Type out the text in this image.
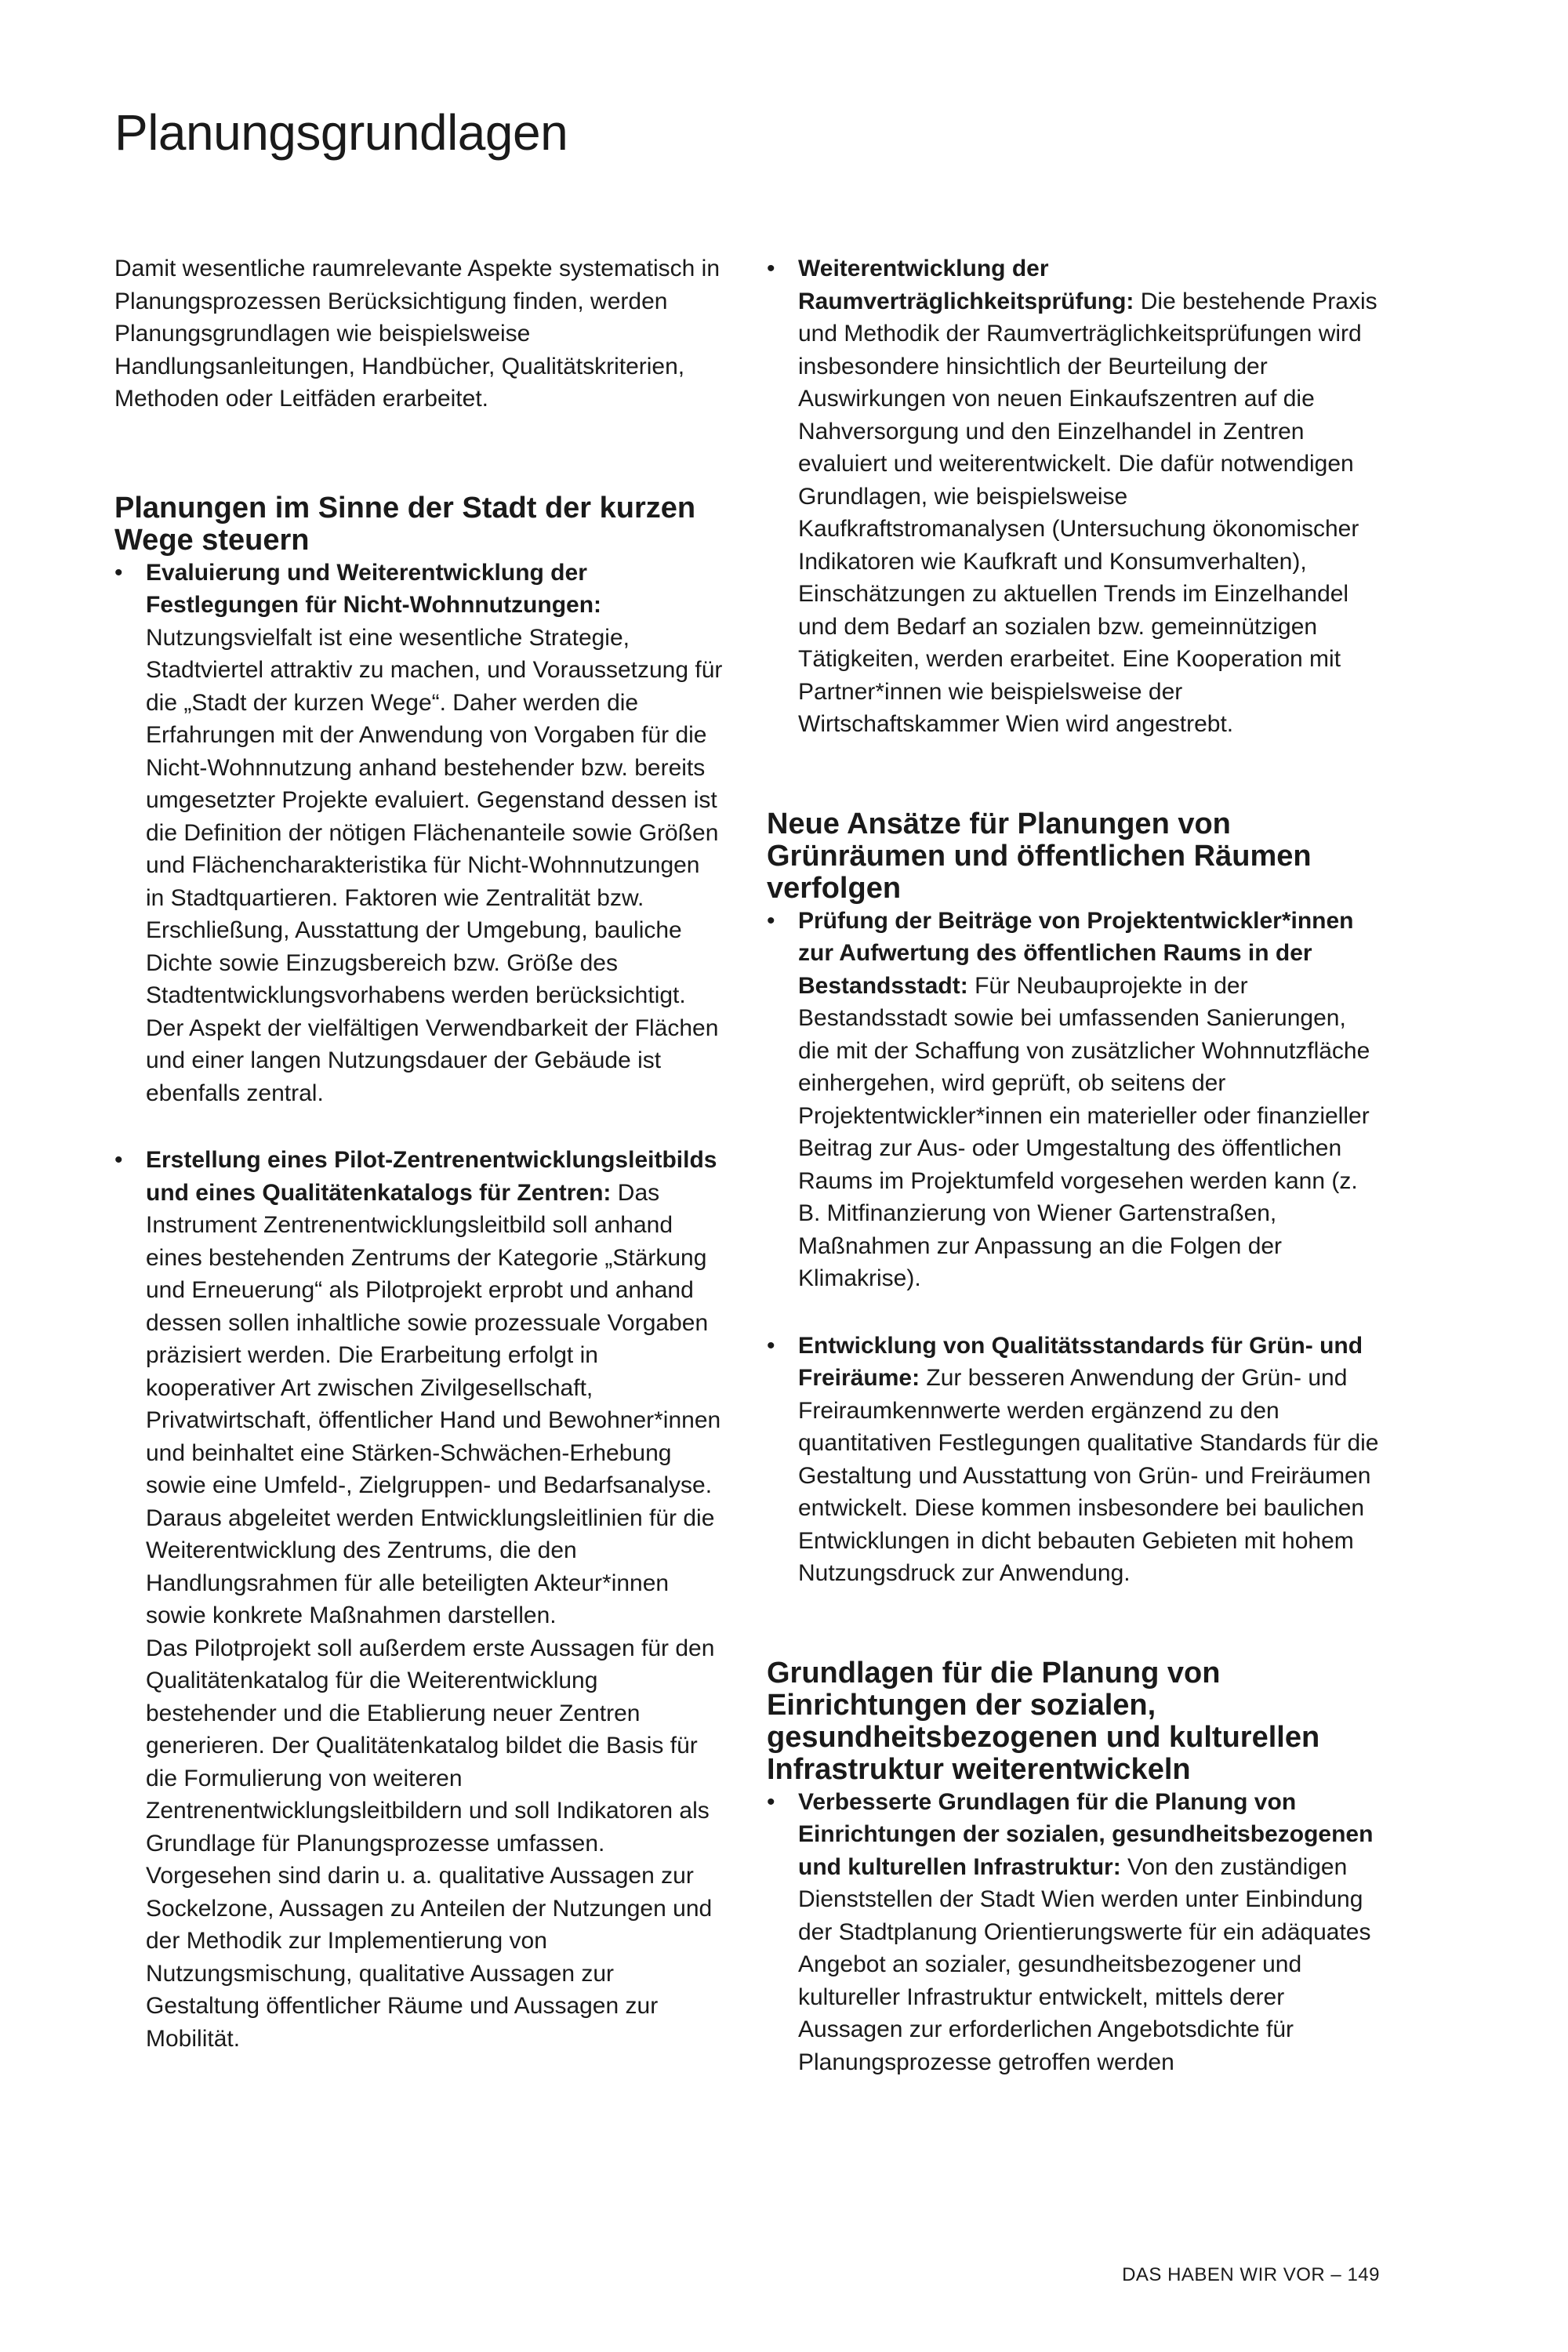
Planungsgrundlagen

Damit wesentliche raumrelevante Aspekte systematisch in Planungsprozessen Berücksichtigung finden, werden Planungsgrundlagen wie beispielsweise Handlungsanleitungen, Handbücher, Qualitätskriterien, Methoden oder Leitfäden erarbeitet.

Planungen im Sinne der Stadt der kurzen Wege steuern

• Evaluierung und Weiterentwicklung der Festlegungen für Nicht-Wohnnutzungen: Nutzungsvielfalt ist eine wesentliche Strategie, Stadtviertel attraktiv zu machen, und Voraussetzung für die „Stadt der kurzen Wege“. Daher werden die Erfahrungen mit der Anwendung von Vorgaben für die Nicht-Wohnnutzung anhand bestehender bzw. bereits umgesetzter Projekte evaluiert. Gegenstand dessen ist die Definition der nötigen Flächenanteile sowie Größen und Flächencharakteristika für Nicht-Wohnnutzungen in Stadtquartieren. Faktoren wie Zentralität bzw. Erschließung, Ausstattung der Umgebung, bauliche Dichte sowie Einzugsbereich bzw. Größe des Stadtentwicklungsvorhabens werden berücksichtigt. Der Aspekt der vielfältigen Verwendbarkeit der Flächen und einer langen Nutzungsdauer der Gebäude ist ebenfalls zentral.

• Erstellung eines Pilot-Zentrenentwicklungsleitbilds und eines Qualitätenkatalogs für Zentren: Das Instrument Zentrenentwicklungsleitbild soll anhand eines bestehenden Zentrums der Kategorie „Stärkung und Erneuerung“ als Pilotprojekt erprobt und anhand dessen sollen inhaltliche sowie prozessuale Vorgaben präzisiert werden. Die Erarbeitung erfolgt in kooperativer Art zwischen Zivilgesellschaft, Privatwirtschaft, öffentlicher Hand und Bewohner*innen und beinhaltet eine Stärken-Schwächen-Erhebung sowie eine Umfeld-, Zielgruppen- und Bedarfsanalyse. Daraus abgeleitet werden Entwicklungsleitlinien für die Weiterentwicklung des Zentrums, die den Handlungsrahmen für alle beteiligten Akteur*innen sowie konkrete Maßnahmen darstellen.
Das Pilotprojekt soll außerdem erste Aussagen für den Qualitätenkatalog für die Weiterentwicklung bestehender und die Etablierung neuer Zentren generieren. Der Qualitätenkatalog bildet die Basis für die Formulierung von weiteren Zentrenentwicklungsleitbildern und soll Indikatoren als Grundlage für Planungsprozesse umfassen. Vorgesehen sind darin u. a. qualitative Aussagen zur Sockelzone, Aussagen zu Anteilen der Nutzungen und der Methodik zur Implementierung von Nutzungsmischung, qualitative Aussagen zur Gestaltung öffentlicher Räume und Aussagen zur Mobilität.

• Weiterentwicklung der Raumverträglichkeitsprüfung: Die bestehende Praxis und Methodik der Raumverträglichkeitsprüfungen wird insbesondere hinsichtlich der Beurteilung der Auswirkungen von neuen Einkaufszentren auf die Nahversorgung und den Einzelhandel in Zentren evaluiert und weiterentwickelt. Die dafür notwendigen Grundlagen, wie beispielsweise Kaufkraftstromanalysen (Untersuchung ökonomischer Indikatoren wie Kaufkraft und Konsumverhalten), Einschätzungen zu aktuellen Trends im Einzelhandel und dem Bedarf an sozialen bzw. gemeinnützigen Tätigkeiten, werden erarbeitet. Eine Kooperation mit Partner*innen wie beispielsweise der Wirtschaftskammer Wien wird angestrebt.

Neue Ansätze für Planungen von Grünräumen und öffentlichen Räumen verfolgen

• Prüfung der Beiträge von Projektentwickler*innen zur Aufwertung des öffentlichen Raums in der Bestandsstadt: Für Neubauprojekte in der Bestandsstadt sowie bei umfassenden Sanierungen, die mit der Schaffung von zusätzlicher Wohnnutzfläche einhergehen, wird geprüft, ob seitens der Projektentwickler*innen ein materieller oder finanzieller Beitrag zur Aus- oder Umgestaltung des öffentlichen Raums im Projektumfeld vorgesehen werden kann (z. B. Mitfinanzierung von Wiener Gartenstraßen, Maßnahmen zur Anpassung an die Folgen der Klimakrise).

• Entwicklung von Qualitätsstandards für Grün- und Freiräume: Zur besseren Anwendung der Grün- und Freiraumkennwerte werden ergänzend zu den quantitativen Festlegungen qualitative Standards für die Gestaltung und Ausstattung von Grün- und Freiräumen entwickelt. Diese kommen insbesondere bei baulichen Entwicklungen in dicht bebauten Gebieten mit hohem Nutzungsdruck zur Anwendung.

Grundlagen für die Planung von Einrichtungen der sozialen, gesundheitsbezogenen und kulturellen Infrastruktur weiterentwickeln

• Verbesserte Grundlagen für die Planung von Einrichtungen der sozialen, gesundheitsbezogenen und kulturellen Infrastruktur: Von den zuständigen Dienststellen der Stadt Wien werden unter Einbindung der Stadtplanung Orientierungswerte für ein adäquates Angebot an sozialer, gesundheitsbezogener und kultureller Infrastruktur entwickelt, mittels derer Aussagen zur erforderlichen Angebotsdichte für Planungsprozesse getroffen werden

DAS HABEN WIR VOR – 149
